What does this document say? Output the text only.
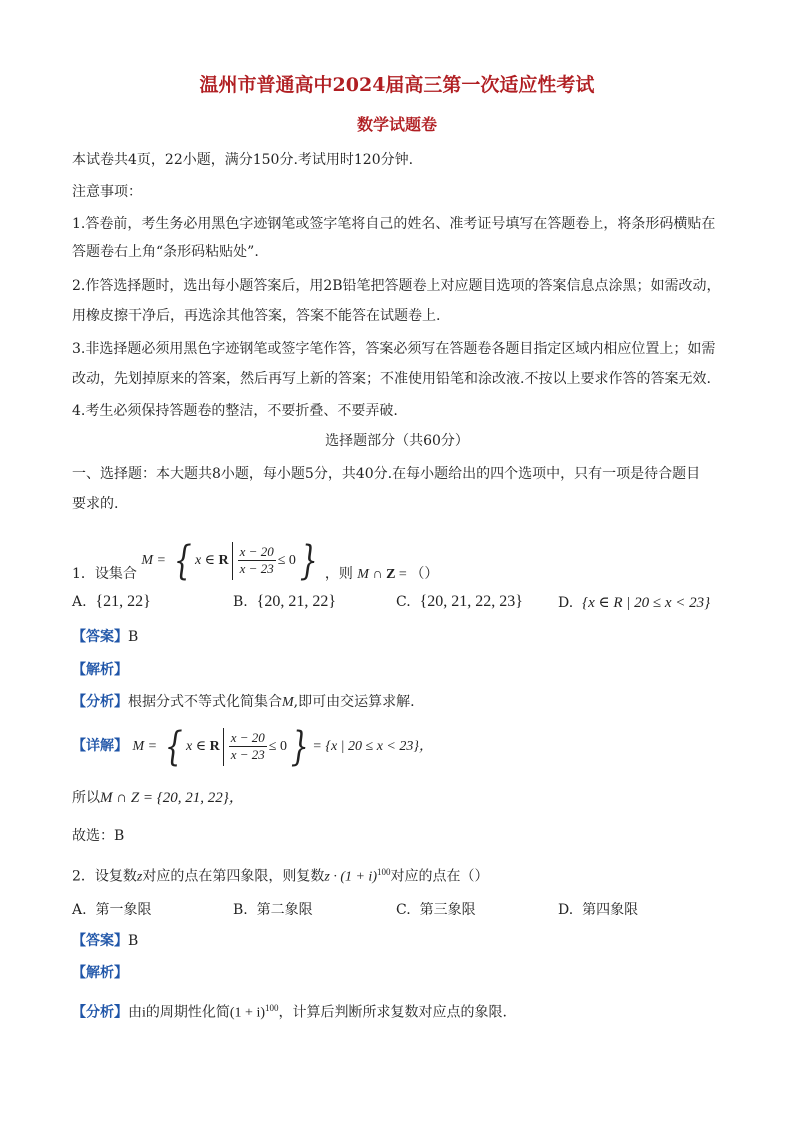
温州市普通高中2024届高三第一次适应性考试
数学试题卷
本试卷共4页，22小题，满分150分.考试用时120分钟.
注意事项：
1.答卷前，考生务必用黑色字迹钢笔或签字笔将自己的姓名、准考证号填写在答题卷上，将条形码横贴在
答题卷右上角“条形码粘贴处”.
2.作答选择题时，选出每小题答案后，用2B铅笔把答题卷上对应题目选项的答案信息点涂黑；如需改动，
用橡皮擦干净后，再选涂其他答案，答案不能答在试题卷上.
3.非选择题必须用黑色字迹钢笔或签字笔作答，答案必须写在答题卷各题目指定区域内相应位置上；如需
改动，先划掉原来的答案，然后再写上新的答案；不准使用铅笔和涂改液.不按以上要求作答的答案无效.
4.考生必须保持答题卷的整洁，不要折叠、不要弄破.
选择题部分（共60分）
一、选择题：本大题共8小题，每小题5分，共40分.在每小题给出的四个选项中，只有一项是待合题目
要求的.
1．设集合 M = { x ∈ R $\frac{x - 20}{x - 23} \le 0$} ，则 M ∩ Z = （）
A. {21, 22}	B. {20, 21, 22}	C. {20, 21, 22, 23}	D. {x ∈ R | 20 ≤ x < 23}
【答案】B
【解析】
【分析】根据分式不等式化简集合M,即可由交运算求解.
【详解】 M = { x ∈ R $\frac{x - 20}{x - 23} \le 0\} = \{x$ | 20 ≤ x < 23}，
所以M ∩ Z = {20, 21, 22}，
故选：B
2．设复数z对应的点在第四象限，则复数$z \cdot (1 + i)^{100}$对应的点在（）
A. 第一象限	B. 第二象限	C. 第三象限	D. 第四象限
【答案】B
【解析】
【分析】由i的周期性化简$(1 + i)^{100}$，计算后判断所求复数对应点的象限.
